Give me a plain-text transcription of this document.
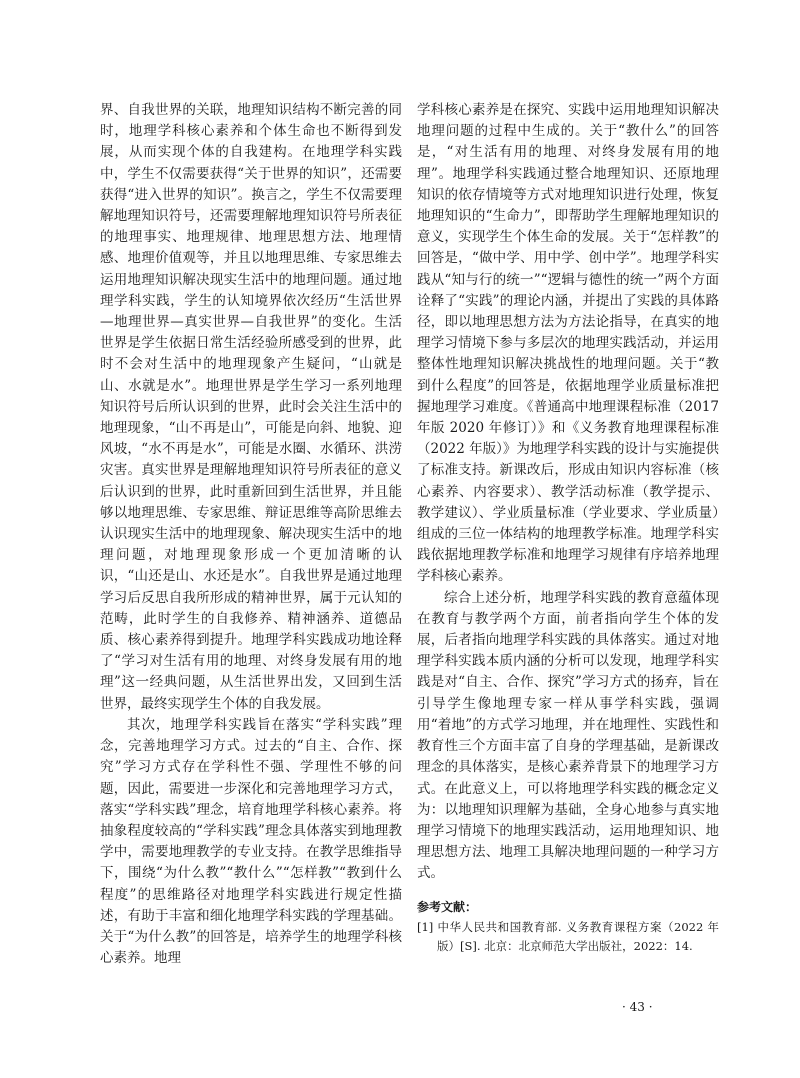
界、自我世界的关联，地理知识结构不断完善的同时，地理学科核心素养和个体生命也不断得到发展，从而实现个体的自我建构。在地理学科实践中，学生不仅需要获得“关于世界的知识”，还需要获得“进入世界的知识”。换言之，学生不仅需要理解地理知识符号，还需要理解地理知识符号所表征的地理事实、地理规律、地理思想方法、地理情感、地理价值观等，并且以地理思维、专家思维去运用地理知识解决现实生活中的地理问题。通过地理学科实践，学生的认知境界依次经历“生活世界—地理世界—真实世界—自我世界”的变化。生活世界是学生依据日常生活经验所感受到的世界，此时不会对生活中的地理现象产生疑问，“山就是山、水就是水”。地理世界是学生学习一系列地理知识符号后所认识到的世界，此时会关注生活中的地理现象，“山不再是山”，可能是向斜、地貌、迎风坡，“水不再是水”，可能是水圈、水循环、洪涝灾害。真实世界是理解地理知识符号所表征的意义后认识到的世界，此时重新回到生活世界，并且能够以地理思维、专家思维、辩证思维等高阶思维去认识现实生活中的地理现象、解决现实生活中的地理问题，对地理现象形成一个更加清晰的认识，“山还是山、水还是水”。自我世界是通过地理学习后反思自我所形成的精神世界，属于元认知的范畴，此时学生的自我修养、精神涵养、道德品质、核心素养得到提升。地理学科实践成功地诠释了“学习对生活有用的地理、对终身发展有用的地理”这一经典问题，从生活世界出发，又回到生活世界，最终实现学生个体的自我发展。

其次，地理学科实践旨在落实“学科实践”理念，完善地理学习方式。过去的“自主、合作、探究”学习方式存在学科性不强、学理性不够的问题，因此，需要进一步深化和完善地理学习方式，落实“学科实践”理念，培育地理学科核心素养。将抽象程度较高的“学科实践”理念具体落实到地理教学中，需要地理教学的专业支持。在教学思维指导下，围绕“为什么教”“教什么”“怎样教”“教到什么程度”的思维路径对地理学科实践进行规定性描述，有助于丰富和细化地理学科实践的学理基础。关于“为什么教”的回答是，培养学生的地理学科核心素养。地理

学科核心素养是在探究、实践中运用地理知识解决地理问题的过程中生成的。关于“教什么”的回答是，“对生活有用的地理、对终身发展有用的地理”。地理学科实践通过整合地理知识、还原地理知识的依存情境等方式对地理知识进行处理，恢复地理知识的“生命力”，即帮助学生理解地理知识的意义，实现学生个体生命的发展。关于“怎样教”的回答是，“做中学、用中学、创中学”。地理学科实践从“知与行的统一”“逻辑与德性的统一”两个方面诠释了“实践”的理论内涵，并提出了实践的具体路径，即以地理思想方法为方法论指导，在真实的地理学习情境下参与多层次的地理实践活动，并运用整体性地理知识解决挑战性的地理问题。关于“教到什么程度”的回答是，依据地理学业质量标准把握地理学习难度。《普通高中地理课程标准（2017 年版 2020 年修订）》和《义务教育地理课程标准（2022 年版）》为地理学科实践的设计与实施提供了标准支持。新课改后，形成由知识内容标准（核心素养、内容要求）、教学活动标准（教学提示、教学建议）、学业质量标准（学业要求、学业质量）组成的三位一体结构的地理教学标准。地理学科实践依据地理教学标准和地理学习规律有序培养地理学科核心素养。

综合上述分析，地理学科实践的教育意蕴体现在教育与教学两个方面，前者指向学生个体的发展，后者指向地理学科实践的具体落实。通过对地理学科实践本质内涵的分析可以发现，地理学科实践是对“自主、合作、探究”学习方式的扬弃，旨在引导学生像地理专家一样从事学科实践，强调用“着地”的方式学习地理，并在地理性、实践性和教育性三个方面丰富了自身的学理基础，是新课改理念的具体落实，是核心素养背景下的地理学习方式。在此意义上，可以将地理学科实践的概念定义为：以地理知识理解为基础，全身心地参与真实地理学习情境下的地理实践活动，运用地理知识、地理思想方法、地理工具解决地理问题的一种学习方式。

参考文献：
[1] 中华人民共和国教育部. 义务教育课程方案（2022 年版）[S]. 北京：北京师范大学出版社，2022：14.
· 43 ·
